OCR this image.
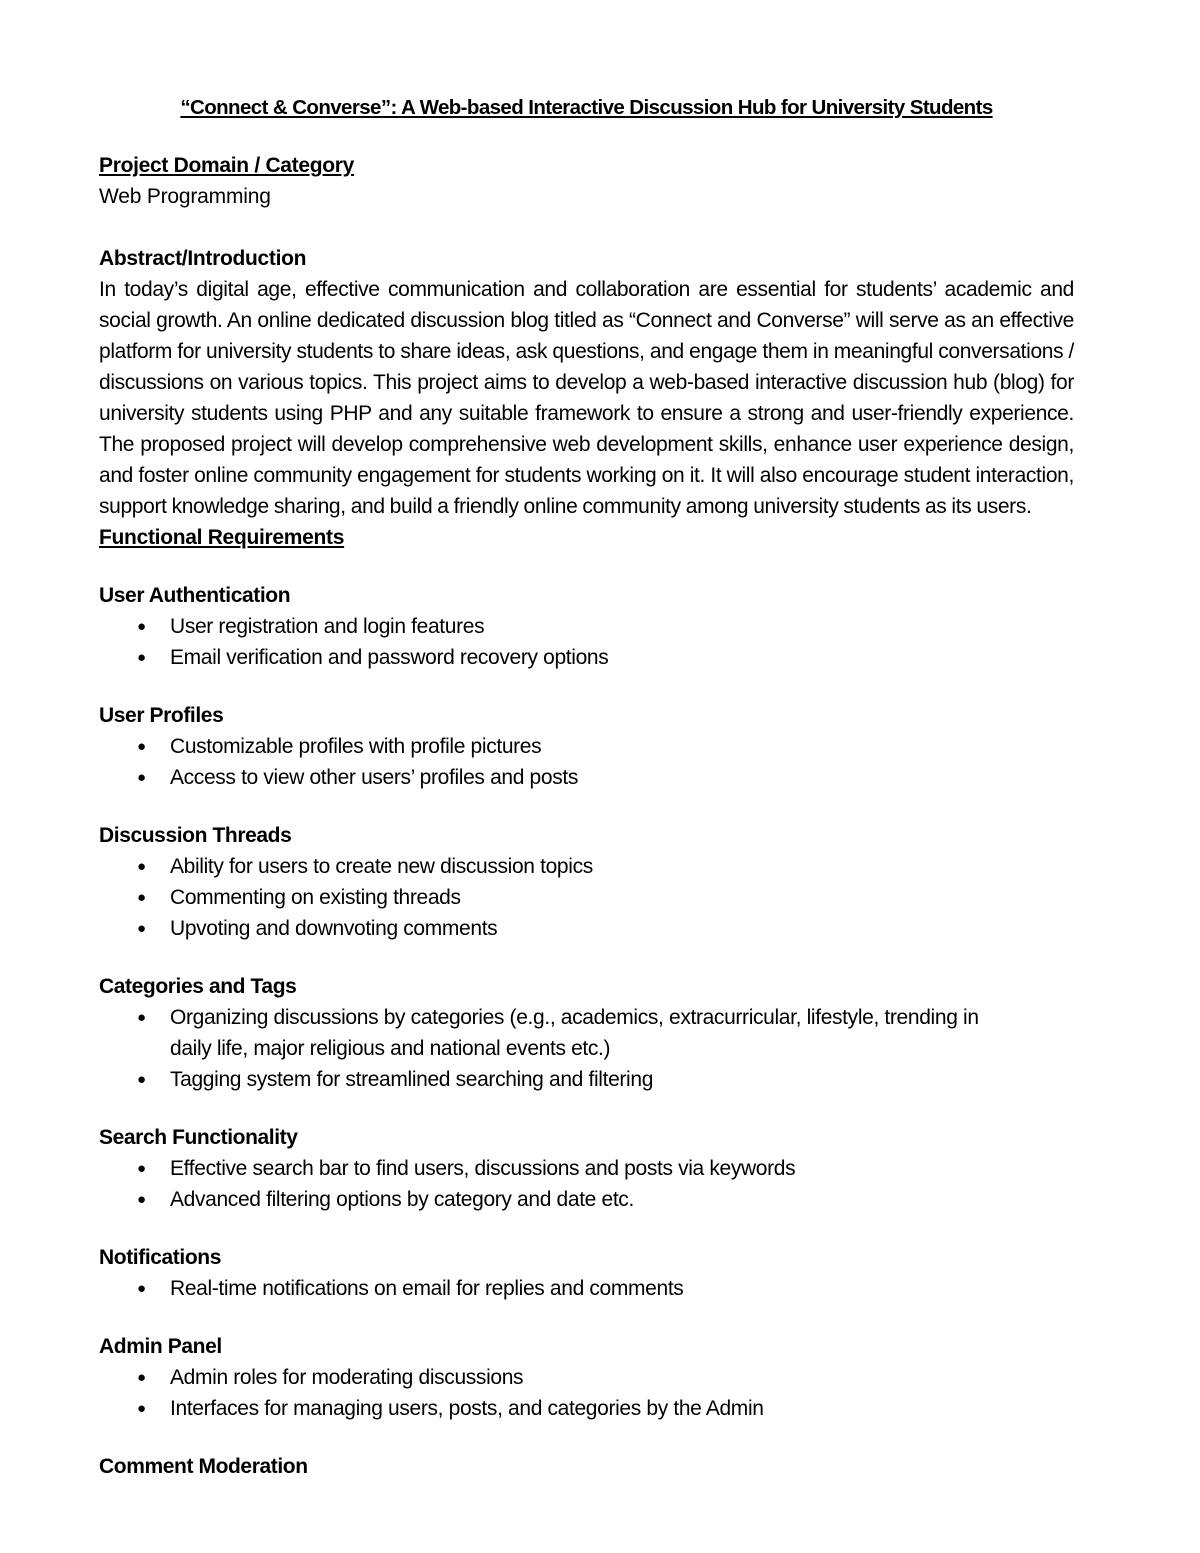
“Connect & Converse”: A Web-based Interactive Discussion Hub for University Students
Project Domain / Category
Web Programming
Abstract/Introduction
In today’s digital age, effective communication and collaboration are essential for students’ academic and social growth. An online dedicated discussion blog titled as “Connect and Converse” will serve as an effective platform for university students to share ideas, ask questions, and engage them in meaningful conversations / discussions on various topics. This project aims to develop a web-based interactive discussion hub (blog) for university students using PHP and any suitable framework to ensure a strong and user-friendly experience. The proposed project will develop comprehensive web development skills, enhance user experience design, and foster online community engagement for students working on it. It will also encourage student interaction, support knowledge sharing, and build a friendly online community among university students as its users.
Functional Requirements
User Authentication
● User registration and login features
● Email verification and password recovery options
User Profiles
● Customizable profiles with profile pictures
● Access to view other users’ profiles and posts
Discussion Threads
● Ability for users to create new discussion topics
● Commenting on existing threads
● Upvoting and downvoting comments
Categories and Tags
● Organizing discussions by categories (e.g., academics, extracurricular, lifestyle, trending in daily life, major religious and national events etc.)
● Tagging system for streamlined searching and filtering
Search Functionality
● Effective search bar to find users, discussions and posts via keywords
● Advanced filtering options by category and date etc.
Notifications
● Real-time notifications on email for replies and comments
Admin Panel
● Admin roles for moderating discussions
● Interfaces for managing users, posts, and categories by the Admin
Comment Moderation
